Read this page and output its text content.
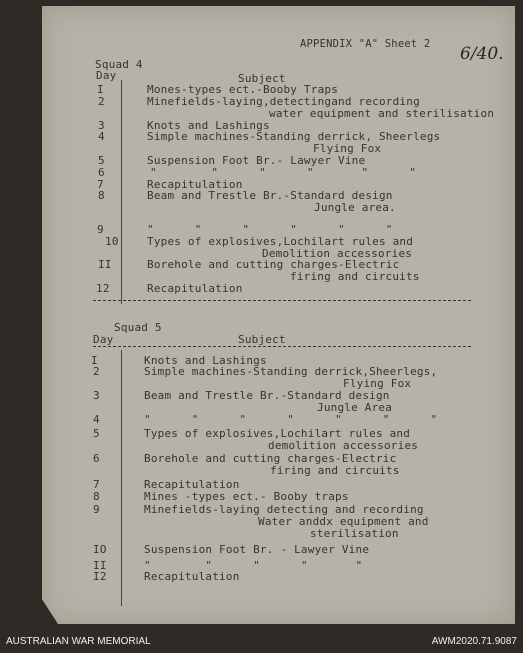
APPENDIX "A" Sheet 2 6/40.
Squad 4
Day	Subject
I	Mones-types ect.-Booby Traps
2	Minefields-laying,detectingand recording
water equipment and sterilisation
3	Knots and Lashings
4	Simple machines-Standing derrick, Sheerlegs
Flying Fox
5	Suspension Foot Br.- Lawyer Vine
6	"        "      "      "       "      "
7	Recapitulation
8	Beam and Trestle Br.-Standard design
Jungle area.
9	"      "      "      "      "      "
10	Types of explosives,Lochilart rules and
Demolition accessories
II	Borehole and cutting charges-Electric
firing and circuits
12	Recapitulation
Squad 5
Day	Subject
I	Knots and Lashings
2	Simple machines-Standing derrick,Sheerlegs,
Flying Fox
3	Beam and Trestle Br.-Standard design
Jungle Area
4	"      "      "      "      "      "      "
5	Types of explosives,Lochilart rules and
demolition accessories
6	Borehole and cutting charges-Electric
firing and circuits
7	Recapitulation
8	Mines -types ect.- Booby traps
9	Minefields-laying detecting and recording
Water anddx equipment and
sterilisation
IO	Suspension Foot Br. - Lawyer Vine
II	"        "      "      "       "
I2	Recapitulation
AUSTRALIAN WAR MEMORIAL	AWM2020.71.9087
